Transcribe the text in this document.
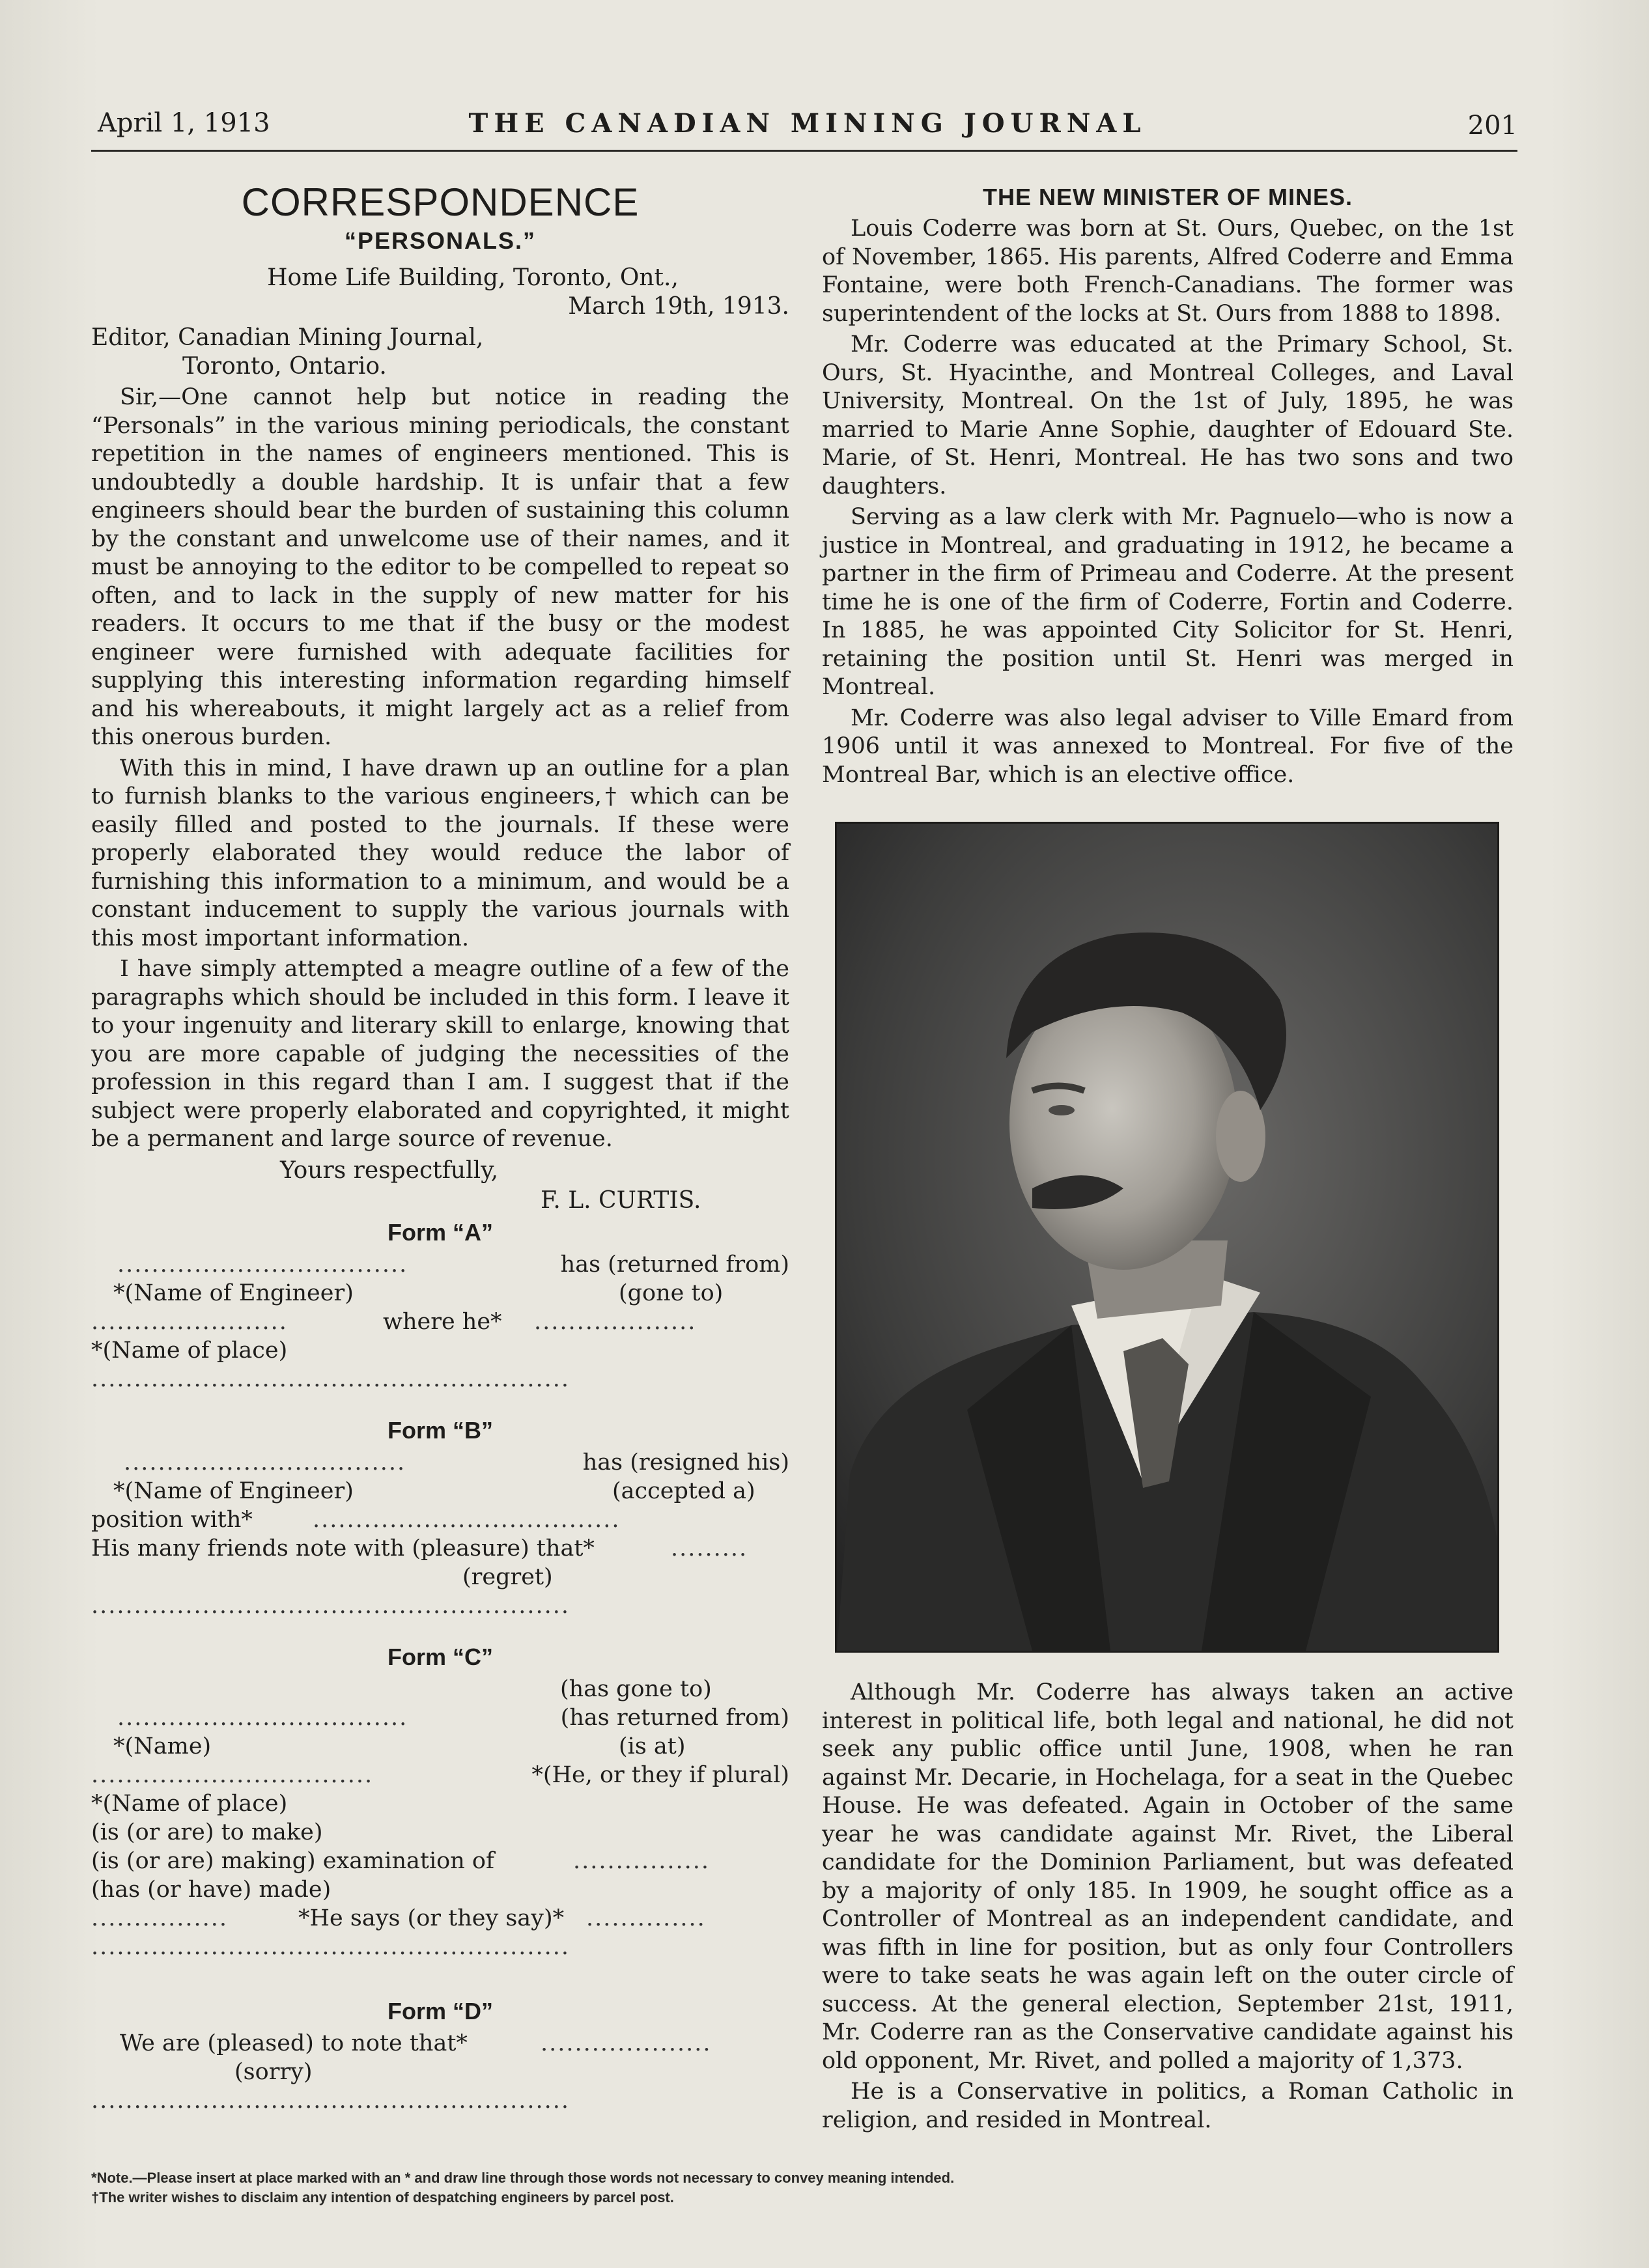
April 1, 1913	THE CANADIAN MINING JOURNAL	201
CORRESPONDENCE
“PERSONALS.”
Home Life Building, Toronto, Ont.,
March 19th, 1913.
Editor, Canadian Mining Journal,
Toronto, Ontario.

Sir,—One cannot help but notice in reading the “Personals” in the various mining periodicals, the constant repetition in the names of engineers mentioned. This is undoubtedly a double hardship. It is unfair that a few engineers should bear the burden of sustaining this column by the constant and unwelcome use of their names, and it must be annoying to the editor to be compelled to repeat so often, and to lack in the supply of new matter for his readers. It occurs to me that if the busy or the modest engineer were furnished with adequate facilities for supplying this interesting information regarding himself and his whereabouts, it might largely act as a relief from this onerous burden.

With this in mind, I have drawn up an outline for a plan to furnish blanks to the various engineers,† which can be easily filled and posted to the journals. If these were properly elaborated they would reduce the labor of furnishing this information to a minimum, and would be a constant inducement to supply the various journals with this most important information.

I have simply attempted a meagre outline of a few of the paragraphs which should be included in this form. I leave it to your ingenuity and literary skill to enlarge, knowing that you are more capable of judging the necessities of the profession in this regard than I am. I suggest that if the subject were properly elaborated and copyrighted, it might be a permanent and large source of revenue.

Yours respectfully,
F. L. CURTIS.
Form “A”
..................................	has (returned from)
*(Name of Engineer)	(gone to)
.......................	where he* ...................
*(Name of place)
........................................................
Form “B”
.................................	has (resigned his)
*(Name of Engineer)	(accepted a)
position with*	....................................
His many friends note with (pleasure) that*	.........
(regret)
........................................................
Form “C”
(has gone to)
..................................	(has returned from)
*(Name)	(is at)
.................................	*(He, or they if plural)
*(Name of place)
(is (or are) to make)
(is (or are) making) examination of	................
(has (or have) made)
................	*He says (or they say)* ..............
........................................................
Form “D”
We are (pleased) to note that*	....................
(sorry)
........................................................
THE NEW MINISTER OF MINES.

Louis Coderre was born at St. Ours, Quebec, on the 1st of November, 1865. His parents, Alfred Coderre and Emma Fontaine, were both French-Canadians. The former was superintendent of the locks at St. Ours from 1888 to 1898.

Mr. Coderre was educated at the Primary School, St. Ours, St. Hyacinthe, and Montreal Colleges, and Laval University, Montreal. On the 1st of July, 1895, he was married to Marie Anne Sophie, daughter of Edouard Ste. Marie, of St. Henri, Montreal. He has two sons and two daughters.

Serving as a law clerk with Mr. Pagnuelo—who is now a justice in Montreal, and graduating in 1912, he became a partner in the firm of Primeau and Coderre. At the present time he is one of the firm of Coderre, Fortin and Coderre. In 1885, he was appointed City Solicitor for St. Henri, retaining the position until St. Henri was merged in Montreal.

Mr. Coderre was also legal adviser to Ville Emard from 1906 until it was annexed to Montreal. For five of the Montreal Bar, which is an elective office.

Although Mr. Coderre has always taken an active interest in political life, both legal and national, he did not seek any public office until June, 1908, when he ran against Mr. Decarie, in Hochelaga, for a seat in the Quebec House. He was defeated. Again in October of the same year he was candidate against Mr. Rivet, the Liberal candidate for the Dominion Parliament, but was defeated by a majority of only 185. In 1909, he sought office as a Controller of Montreal as an independent candidate, and was fifth in line for position, but as only four Controllers were to take seats he was again left on the outer circle of success. At the general election, September 21st, 1911, Mr. Coderre ran as the Conservative candidate against his old opponent, Mr. Rivet, and polled a majority of 1,373.

He is a Conservative in politics, a Roman Catholic in religion, and resided in Montreal.

*Note.—Please insert at place marked with an * and draw line through those words not necessary to convey meaning intended.
†The writer wishes to disclaim any intention of despatching engineers by parcel post.
